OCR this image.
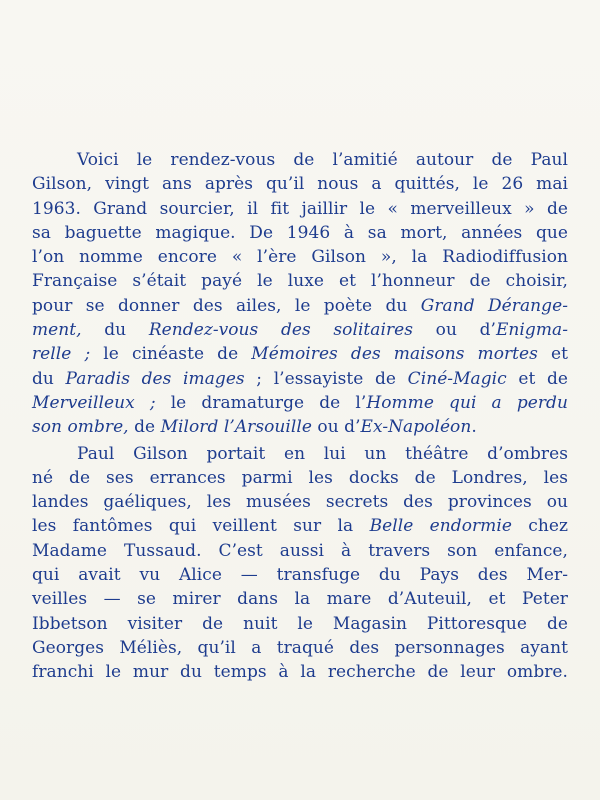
Voici le rendez-vous de l’amitié autour de Paul
Gilson, vingt ans après qu’il nous a quittés, le 26 mai
1963. Grand sourcier, il fit jaillir le « merveilleux » de
sa baguette magique. De 1946 à sa mort, années que
l’on nomme encore « l’ère Gilson », la Radiodiffusion
Française s’était payé le luxe et l’honneur de choisir,
pour se donner des ailes, le poète du Grand Dérange-
ment, du Rendez-vous des solitaires ou d’Enigma-
relle ; le cinéaste de Mémoires des maisons mortes et
du Paradis des images ; l’essayiste de Ciné-Magic et de
Merveilleux ; le dramaturge de l’Homme qui a perdu
son ombre, de Milord l’Arsouille ou d’Ex-Napoléon.
Paul Gilson portait en lui un théâtre d’ombres
né de ses errances parmi les docks de Londres, les
landes gaéliques, les musées secrets des provinces ou
les fantômes qui veillent sur la Belle endormie chez
Madame Tussaud. C’est aussi à travers son enfance,
qui avait vu Alice — transfuge du Pays des Mer-
veilles — se mirer dans la mare d’Auteuil, et Peter
Ibbetson visiter de nuit le Magasin Pittoresque de
Georges Méliès, qu’il a traqué des personnages ayant
franchi le mur du temps à la recherche de leur ombre.
